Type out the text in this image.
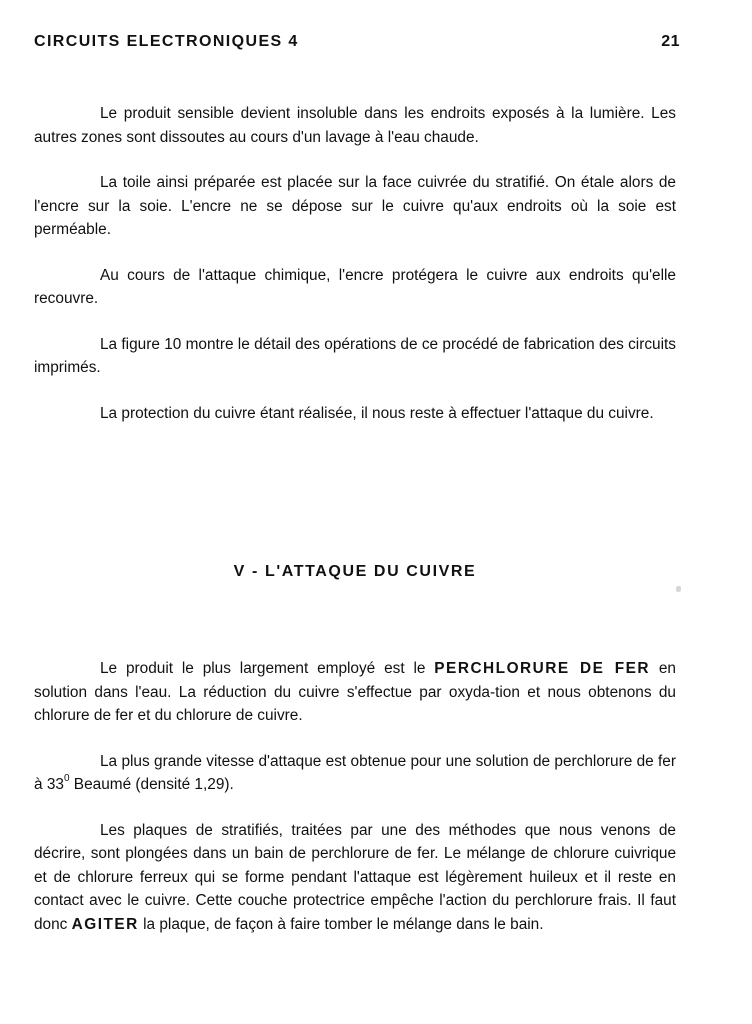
CIRCUITS ELECTRONIQUES 4	21

Le produit sensible devient insoluble dans les endroits exposés à la lumière. Les autres zones sont dissoutes au cours d'un lavage à l'eau chaude.

La toile ainsi préparée est placée sur la face cuivrée du stratifié. On étale alors de l'encre sur la soie. L'encre ne se dépose sur le cuivre qu'aux endroits où la soie est perméable.

Au cours de l'attaque chimique, l'encre protégera le cuivre aux endroits qu'elle recouvre.

La figure 10 montre le détail des opérations de ce procédé de fabrication des circuits imprimés.

La protection du cuivre étant réalisée, il nous reste à effectuer l'attaque du cuivre.

V - L'ATTAQUE DU CUIVRE

Le produit le plus largement employé est le PERCHLORURE DE FER en solution dans l'eau. La réduction du cuivre s'effectue par oxyda-tion et nous obtenons du chlorure de fer et du chlorure de cuivre.

La plus grande vitesse d'attaque est obtenue pour une solution de perchlorure de fer à $33^0$ Beaumé (densité 1,29).

Les plaques de stratifiés, traitées par une des méthodes que nous venons de décrire, sont plongées dans un bain de perchlorure de fer. Le mélange de chlorure cuivrique et de chlorure ferreux qui se forme pendant l'attaque est légèrement huileux et il reste en contact avec le cuivre. Cette couche protectrice empêche l'action du perchlorure frais. Il faut donc AGITER la plaque, de façon à faire tomber le mélange dans le bain.
